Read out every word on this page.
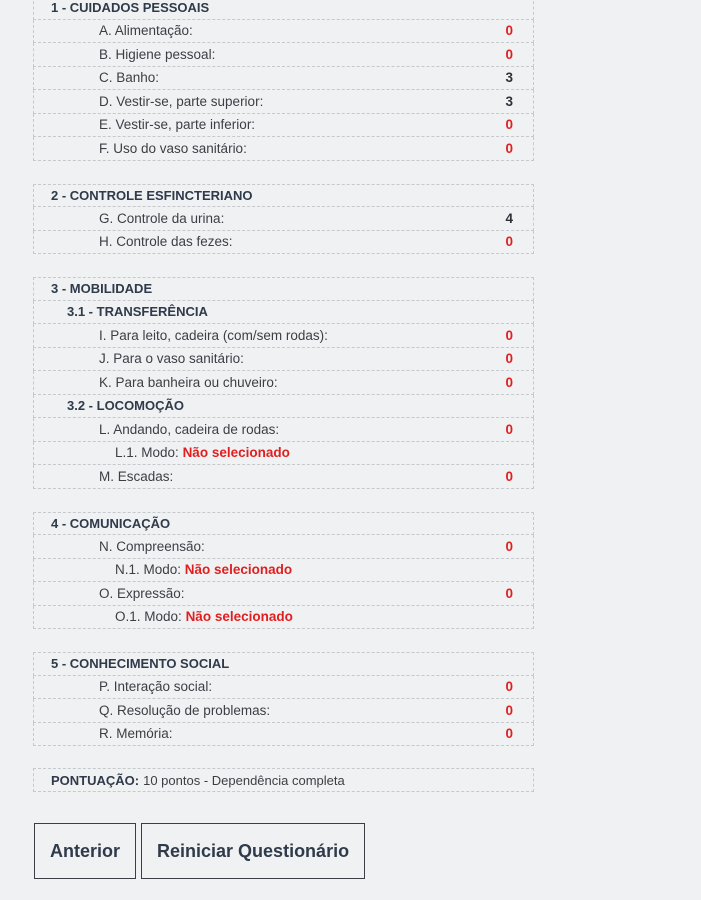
1 - CUIDADOS PESSOAIS
A. Alimentação:	0
B. Higiene pessoal:	0
C. Banho:	3
D. Vestir-se, parte superior:	3
E. Vestir-se, parte inferior:	0
F. Uso do vaso sanitário:	0
2 - CONTROLE ESFINCTERIANO
G. Controle da urina:	4
H. Controle das fezes:	0
3 - MOBILIDADE
3.1 - TRANSFERÊNCIA
I. Para leito, cadeira (com/sem rodas):	0
J. Para o vaso sanitário:	0
K. Para banheira ou chuveiro:	0
3.2 - LOCOMOÇÃO
L. Andando, cadeira de rodas:	0
L.1. Modo:
Não selecionado
M. Escadas:	0
4 - COMUNICAÇÃO
N. Compreensão:	0
N.1. Modo:
Não selecionado
O. Expressão:	0
O.1. Modo:
Não selecionado
5 - CONHECIMENTO SOCIAL
P. Interação social:	0
Q. Resolução de problemas:	0
R. Memória:	0
PONTUAÇÃO: 10 pontos - Dependência completa
Anterior	Reiniciar Questionário
